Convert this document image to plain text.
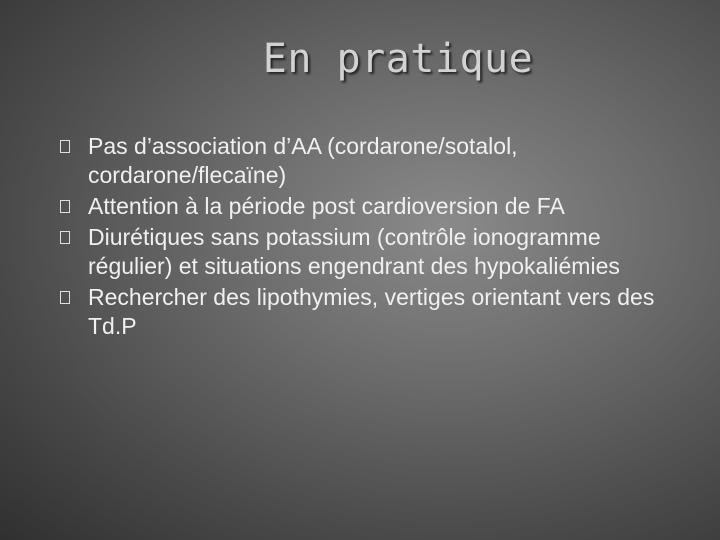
En pratique
Pas d’association d’AA (cordarone/sotalol, cordarone/flecaïne)
Attention à la période post cardioversion de FA
Diurétiques sans potassium (contrôle ionogramme régulier) et situations engendrant des hypokaliémies
Rechercher des lipothymies, vertiges orientant vers des Td.P
